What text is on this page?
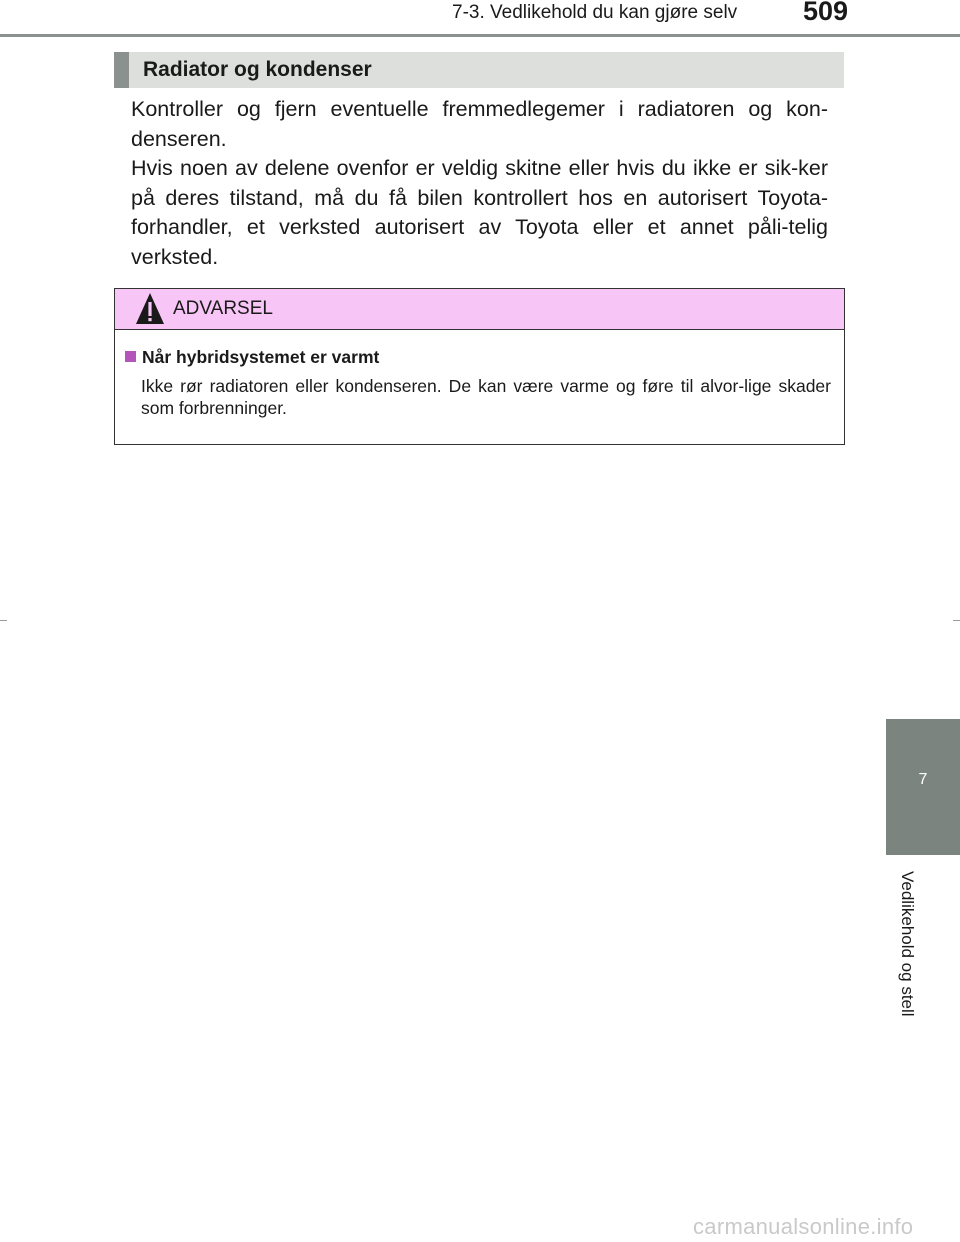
7-3. Vedlikehold du kan gjøre selv 509
Radiator og kondenser

Kontroller og fjern eventuelle fremmedlegemer i radiatoren og kon-denseren.

Hvis noen av delene ovenfor er veldig skitne eller hvis du ikke er sik-ker på deres tilstand, må du få bilen kontrollert hos en autorisert Toyota-forhandler, et verksted autorisert av Toyota eller et annet påli-telig verksted.

ADVARSEL
Når hybridsystemet er varmt

Ikke rør radiatoren eller kondenseren. De kan være varme og føre til alvor-lige skader som forbrenninger.

7
Vedlikehold og stell
carmanualsonline.info
